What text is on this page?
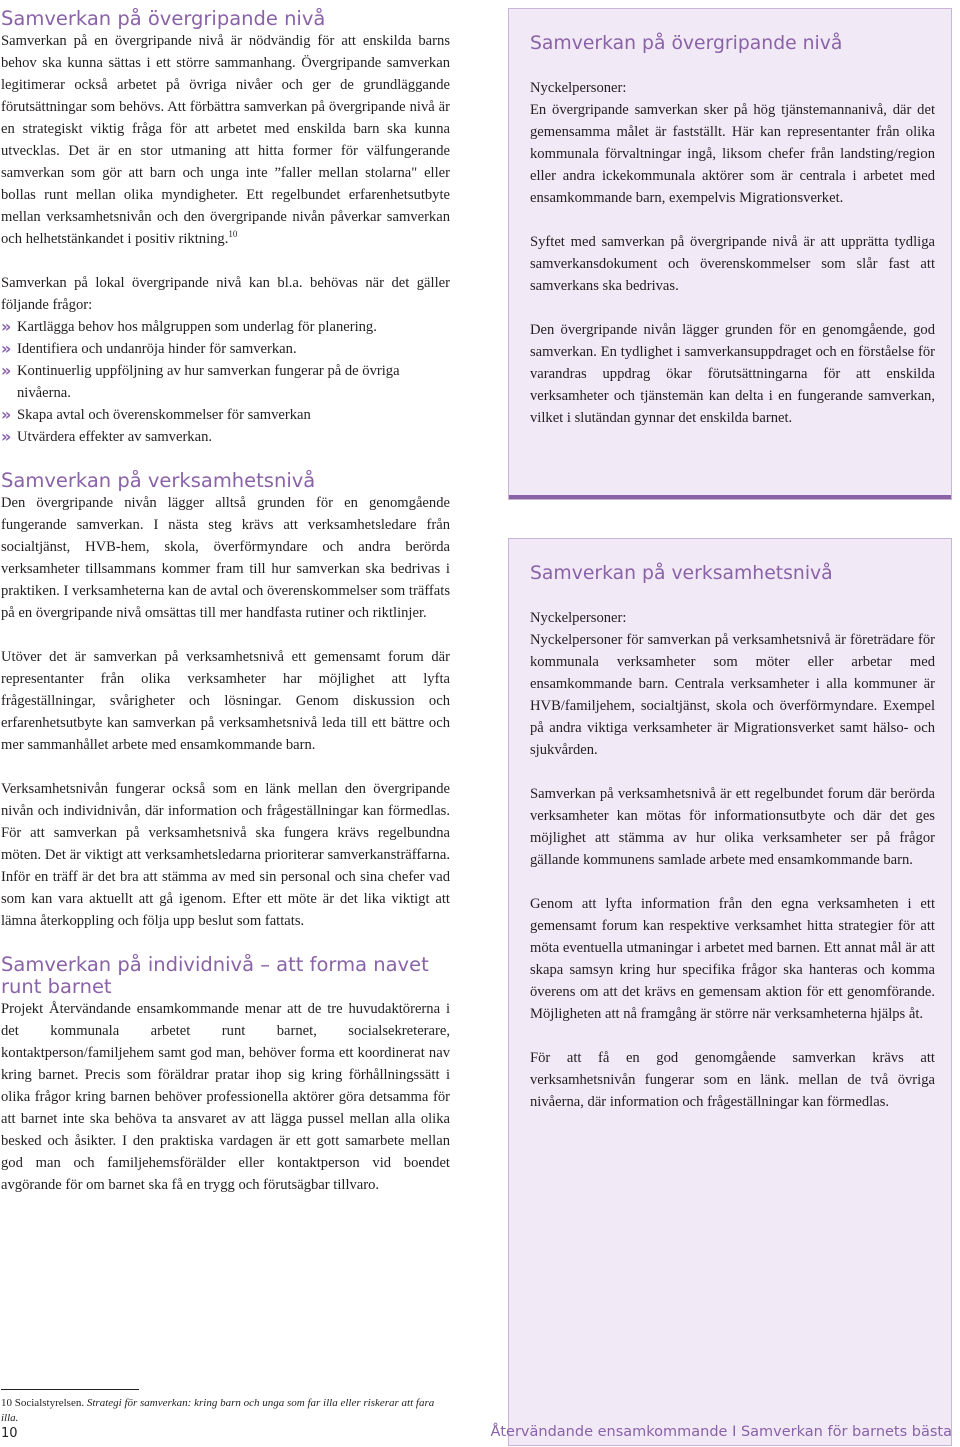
Samverkan på övergripande nivå

Samverkan på en övergripande nivå är nödvändig för att enskilda barns behov ska kunna sättas i ett större sammanhang. Övergripande samverkan legitimerar också arbetet på övriga nivåer och ger de grundläggande förutsättningar som behövs. Att förbättra samverkan på övergripande nivå är en strategiskt viktig fråga för att arbetet med enskilda barn ska kunna utvecklas. Det är en stor utmaning att hitta former för välfungerande samverkan som gör att barn och unga inte ”faller mellan stolarna" eller bollas runt mellan olika myndigheter. Ett regelbundet erfarenhetsutbyte mellan verksamhetsnivån och den övergripande nivån påverkar samverkan och helhetstänkandet i positiv riktning.$^{10}$

Samverkan på lokal övergripande nivå kan bl.a. behövas när det gäller följande frågor:

» Kartlägga behov hos målgruppen som underlag för planering.
» Identifiera och undanröja hinder för samverkan.
» Kontinuerlig uppföljning av hur samverkan fungerar på de övriga nivåerna.
» Skapa avtal och överenskommelser för samverkan
» Utvärdera effekter av samverkan.
Samverkan på verksamhetsnivå

Den övergripande nivån lägger alltså grunden för en genomgående fungerande samverkan. I nästa steg krävs att verksamhetsledare från socialtjänst, HVB-hem, skola, överförmyndare och andra berörda verksamheter tillsammans kommer fram till hur samverkan ska bedrivas i praktiken. I verksamheterna kan de avtal och överenskommelser som träffats på en övergripande nivå omsättas till mer handfasta rutiner och riktlinjer.

Utöver det är samverkan på verksamhetsnivå ett gemensamt forum där representanter från olika verksamheter har möjlighet att lyfta frågeställningar, svårigheter och lösningar. Genom diskussion och erfarenhetsutbyte kan samverkan på verksamhetsnivå leda till ett bättre och mer sammanhållet arbete med ensamkommande barn.

Verksamhetsnivån fungerar också som en länk mellan den övergripande nivån och individnivån, där information och frågeställningar kan förmedlas. För att samverkan på verksamhetsnivå ska fungera krävs regelbundna möten. Det är viktigt att verksamhetsledarna prioriterar samverkansträffarna. Inför en träff är det bra att stämma av med sin personal och sina chefer vad som kan vara aktuellt att gå igenom. Efter ett möte är det lika viktigt att lämna återkoppling och följa upp beslut som fattats.

Samverkan på individnivå – att forma navet runt barnet

Projekt Återvändande ensamkommande menar att de tre huvudaktörerna i det kommunala arbetet runt barnet, socialsekreterare, kontaktperson/familjehem samt god man, behöver forma ett koordinerat nav kring barnet. Precis som föräldrar pratar ihop sig kring förhållningssätt i olika frågor kring barnen behöver professionella aktörer göra detsamma för att barnet inte ska behöva ta ansvaret av att lägga pussel mellan alla olika besked och åsikter. I den praktiska vardagen är ett gott samarbete mellan god man och familjehemsförälder eller kontaktperson vid boendet avgörande för om barnet ska få en trygg och förutsägbar tillvaro.

Samverkan på övergripande nivå
Nyckelpersoner:

En övergripande samverkan sker på hög tjänstemannanivå, där det gemensamma målet är fastställt. Här kan representanter från olika kommunala förvaltningar ingå, liksom chefer från landsting/region eller andra ickekommunala aktörer som är centrala i arbetet med ensamkommande barn, exempelvis Migrationsverket.

Syftet med samverkan på övergripande nivå är att upprätta tydliga samverkansdokument och överenskommelser som slår fast att samverkans ska bedrivas.

Den övergripande nivån lägger grunden för en genomgående, god samverkan. En tydlighet i samverkansuppdraget och en förståelse för varandras uppdrag ökar förutsättningarna för att enskilda verksamheter och tjänstemän kan delta i en fungerande samverkan, vilket i slutändan gynnar det enskilda barnet.

Samverkan på verksamhetsnivå
Nyckelpersoner:

Nyckelpersoner för samverkan på verksamhetsnivå är företrädare för kommunala verksamheter som möter eller arbetar med ensamkommande barn. Centrala verksamheter i alla kommuner är HVB/familjehem, socialtjänst, skola och överförmyndare. Exempel på andra viktiga verksamheter är Migrationsverket samt hälso- och sjukvården.

Samverkan på verksamhetsnivå är ett regelbundet forum där berörda verksamheter kan mötas för informationsutbyte och där det ges möjlighet att stämma av hur olika verksamheter ser på frågor gällande kommunens samlade arbete med ensamkommande barn.

Genom att lyfta information från den egna verksamheten i ett gemensamt forum kan respektive verksamhet hitta strategier för att möta eventuella utmaningar i arbetet med barnen. Ett annat mål är att skapa samsyn kring hur specifika frågor ska hanteras och komma överens om att det krävs en gemensam aktion för ett genomförande. Möjligheten att nå framgång är större när verksamheterna hjälps åt.

För att få en god genomgående samverkan krävs att verksamhetsnivån fungerar som en länk. mellan de två övriga nivåerna, där information och frågeställningar kan förmedlas.

10 Socialstyrelsen. Strategi för samverkan: kring barn och unga som far illa eller riskerar att fara illa.
10	Återvändande ensamkommande I Samverkan för barnets bästa
